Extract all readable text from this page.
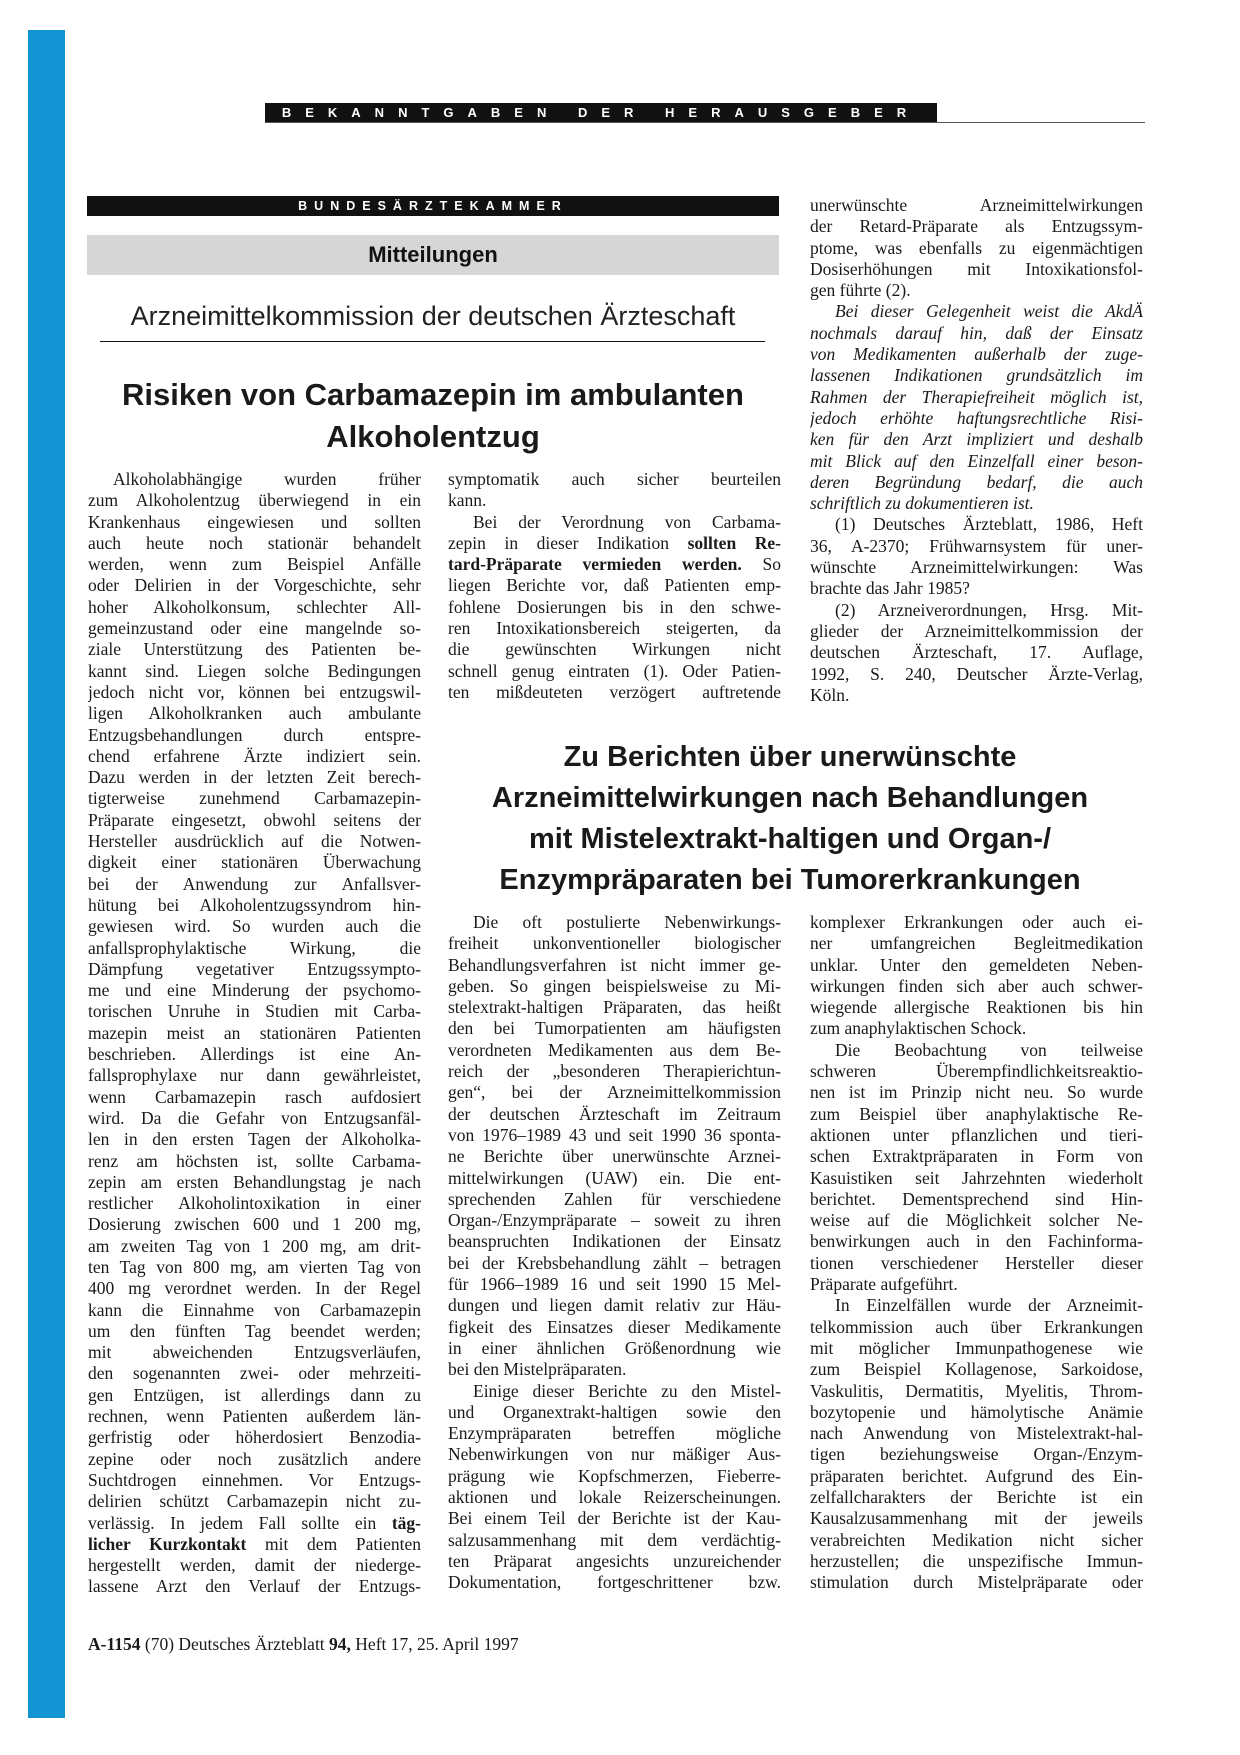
BEKANNTGABEN DER HERAUSGEBER
BUNDESÄRZTEKAMMER
Mitteilungen
Arzneimittelkommission der deutschen Ärzteschaft
Risiken von Carbamazepin im ambulanten
Alkoholentzug
Alkoholabhängige wurden früher
zum Alkoholentzug überwiegend in ein
Krankenhaus eingewiesen und sollten
auch heute noch stationär behandelt
werden, wenn zum Beispiel Anfälle
oder Delirien in der Vorgeschichte, sehr
hoher Alkoholkonsum, schlechter All-
gemeinzustand oder eine mangelnde so-
ziale Unterstützung des Patienten be-
kannt sind. Liegen solche Bedingungen
jedoch nicht vor, können bei entzugswil-
ligen Alkoholkranken auch ambulante
Entzugsbehandlungen durch entspre-
chend erfahrene Ärzte indiziert sein.
Dazu werden in der letzten Zeit berech-
tigterweise zunehmend Carbamazepin-
Präparate eingesetzt, obwohl seitens der
Hersteller ausdrücklich auf die Notwen-
digkeit einer stationären Überwachung
bei der Anwendung zur Anfallsver-
hütung bei Alkoholentzugssyndrom hin-
gewiesen wird. So wurden auch die
anfallsprophylaktische Wirkung, die
Dämpfung vegetativer Entzugssympto-
me und eine Minderung der psychomo-
torischen Unruhe in Studien mit Carba-
mazepin meist an stationären Patienten
beschrieben. Allerdings ist eine An-
fallsprophylaxe nur dann gewährleistet,
wenn Carbamazepin rasch aufdosiert
wird. Da die Gefahr von Entzugsanfäl-
len in den ersten Tagen der Alkoholka-
renz am höchsten ist, sollte Carbama-
zepin am ersten Behandlungstag je nach
restlicher Alkoholintoxikation in einer
Dosierung zwischen 600 und 1 200 mg,
am zweiten Tag von 1 200 mg, am drit-
ten Tag von 800 mg, am vierten Tag von
400 mg verordnet werden. In der Regel
kann die Einnahme von Carbamazepin
um den fünften Tag beendet werden;
mit abweichenden Entzugsverläufen,
den sogenannten zwei- oder mehrzeiti-
gen Entzügen, ist allerdings dann zu
rechnen, wenn Patienten außerdem län-
gerfristig oder höherdosiert Benzodia-
zepine oder noch zusätzlich andere
Suchtdrogen einnehmen. Vor Entzugs-
delirien schützt Carbamazepin nicht zu-
verlässig. In jedem Fall sollte ein täg-
licher Kurzkontakt mit dem Patienten
hergestellt werden, damit der niederge-
lassene Arzt den Verlauf der Entzugs-
symptomatik auch sicher beurteilen
kann.
Bei der Verordnung von Carbama-
zepin in dieser Indikation sollten Re-
tard-Präparate vermieden werden. So
liegen Berichte vor, daß Patienten emp-
fohlene Dosierungen bis in den schwe-
ren Intoxikationsbereich steigerten, da
die gewünschten Wirkungen nicht
schnell genug eintraten (1). Oder Patien-
ten mißdeuteten verzögert auftretende
unerwünschte Arzneimittelwirkungen
der Retard-Präparate als Entzugssym-
ptome, was ebenfalls zu eigenmächtigen
Dosiserhöhungen mit Intoxikationsfol-
gen führte (2).
Bei dieser Gelegenheit weist die AkdÄ
nochmals darauf hin, daß der Einsatz
von Medikamenten außerhalb der zuge-
lassenen Indikationen grundsätzlich im
Rahmen der Therapiefreiheit möglich ist,
jedoch erhöhte haftungsrechtliche Risi-
ken für den Arzt impliziert und deshalb
mit Blick auf den Einzelfall einer beson-
deren Begründung bedarf, die auch
schriftlich zu dokumentieren ist.
(1) Deutsches Ärzteblatt, 1986, Heft
36, A-2370; Frühwarnsystem für uner-
wünschte Arzneimittelwirkungen: Was
brachte das Jahr 1985?
(2) Arzneiverordnungen, Hrsg. Mit-
glieder der Arzneimittelkommission der
deutschen Ärzteschaft, 17. Auflage,
1992, S. 240, Deutscher Ärzte-Verlag,
Köln.
Zu Berichten über unerwünschte
Arzneimittelwirkungen nach Behandlungen
mit Mistelextrakt-haltigen und Organ-/
Enzympräparaten bei Tumorerkrankungen
Die oft postulierte Nebenwirkungs-
freiheit unkonventioneller biologischer
Behandlungsverfahren ist nicht immer ge-
geben. So gingen beispielsweise zu Mi-
stelextrakt-haltigen Präparaten, das heißt
den bei Tumorpatienten am häufigsten
verordneten Medikamenten aus dem Be-
reich der „besonderen Therapierichtun-
gen“, bei der Arzneimittelkommission
der deutschen Ärzteschaft im Zeitraum
von 1976–1989 43 und seit 1990 36 sponta-
ne Berichte über unerwünschte Arznei-
mittelwirkungen (UAW) ein. Die ent-
sprechenden Zahlen für verschiedene
Organ-/Enzympräparate – soweit zu ihren
beanspruchten Indikationen der Einsatz
bei der Krebsbehandlung zählt – betragen
für 1966–1989 16 und seit 1990 15 Mel-
dungen und liegen damit relativ zur Häu-
figkeit des Einsatzes dieser Medikamente
in einer ähnlichen Größenordnung wie
bei den Mistelpräparaten.
Einige dieser Berichte zu den Mistel-
und Organextrakt-haltigen sowie den
Enzympräparaten betreffen mögliche
Nebenwirkungen von nur mäßiger Aus-
prägung wie Kopfschmerzen, Fieberre-
aktionen und lokale Reizerscheinungen.
Bei einem Teil der Berichte ist der Kau-
salzusammenhang mit dem verdächtig-
ten Präparat angesichts unzureichender
Dokumentation, fortgeschrittener bzw.
komplexer Erkrankungen oder auch ei-
ner umfangreichen Begleitmedikation
unklar. Unter den gemeldeten Neben-
wirkungen finden sich aber auch schwer-
wiegende allergische Reaktionen bis hin
zum anaphylaktischen Schock.
Die Beobachtung von teilweise
schweren Überempfindlichkeitsreaktio-
nen ist im Prinzip nicht neu. So wurde
zum Beispiel über anaphylaktische Re-
aktionen unter pflanzlichen und tieri-
schen Extraktpräparaten in Form von
Kasuistiken seit Jahrzehnten wiederholt
berichtet. Dementsprechend sind Hin-
weise auf die Möglichkeit solcher Ne-
benwirkungen auch in den Fachinforma-
tionen verschiedener Hersteller dieser
Präparate aufgeführt.
In Einzelfällen wurde der Arzneimit-
telkommission auch über Erkrankungen
mit möglicher Immunpathogenese wie
zum Beispiel Kollagenose, Sarkoidose,
Vaskulitis, Dermatitis, Myelitis, Throm-
bozytopenie und hämolytische Anämie
nach Anwendung von Mistelextrakt-hal-
tigen beziehungsweise Organ-/Enzym-
präparaten berichtet. Aufgrund des Ein-
zelfallcharakters der Berichte ist ein
Kausalzusammenhang mit der jeweils
verabreichten Medikation nicht sicher
herzustellen; die unspezifische Immun-
stimulation durch Mistelpräparate oder
A-1154 (70) Deutsches Ärzteblatt 94, Heft 17, 25. April 1997
